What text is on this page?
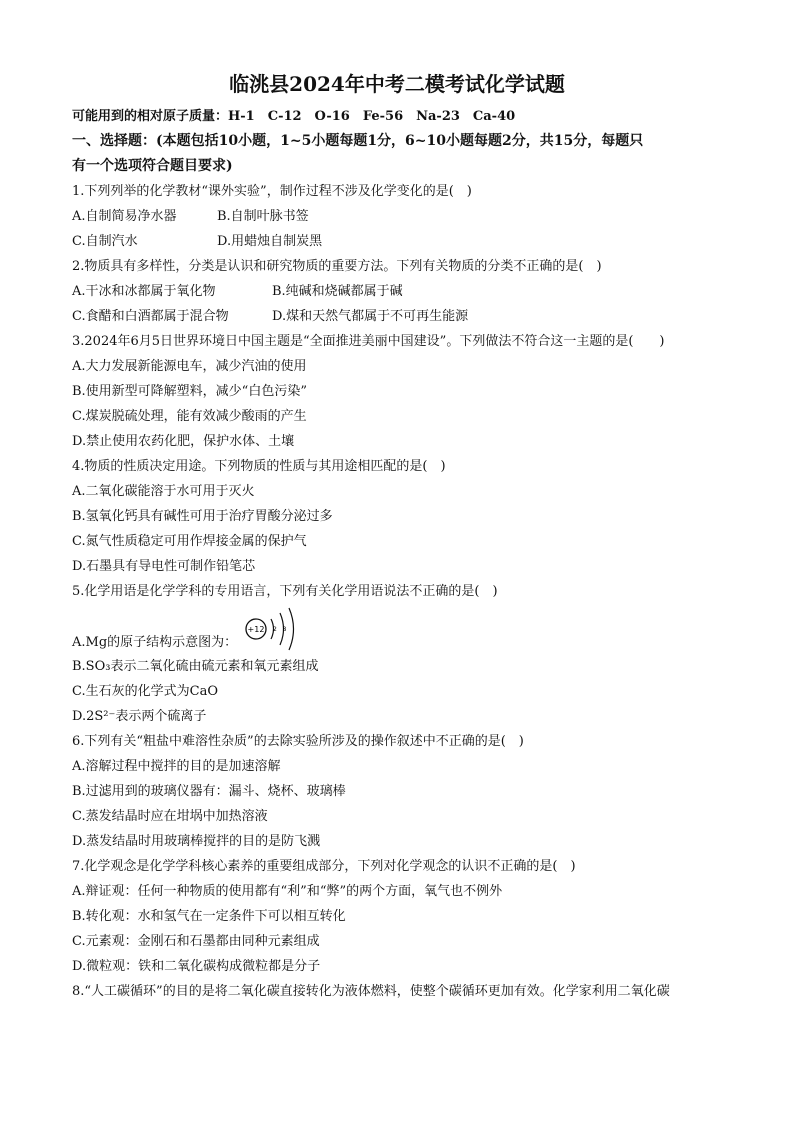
临洮县2024年中考二模考试化学试题
可能用到的相对原子质量：H-1　C-12　O-16　Fe-56　Na-23　Ca-40
一、选择题：(本题包括10小题，1~5小题每题1分，6~10小题每题2分，共15分，每题只
有一个选项符合题目要求)
1.下列列举的化学教材“课外实验”，制作过程不涉及化学变化的是(　)
A.自制简易净水器	B.自制叶脉书签
C.自制汽水	D.用蜡烛自制炭黑
2.物质具有多样性，分类是认识和研究物质的重要方法。下列有关物质的分类不正确的是(　)
A.干冰和冰都属于氧化物	B.纯碱和烧碱都属于碱
C.食醋和白酒都属于混合物	D.煤和天然气都属于不可再生能源
3.2024年6月5日世界环境日中国主题是“全面推进美丽中国建设”。下列做法不符合这一主题的是(　　)
A.大力发展新能源电车，减少汽油的使用
B.使用新型可降解塑料，减少“白色污染”
C.煤炭脱硫处理，能有效减少酸雨的产生
D.禁止使用农药化肥，保护水体、土壤
4.物质的性质决定用途。下列物质的性质与其用途相匹配的是(　)
A.二氧化碳能溶于水可用于灭火
B.氢氧化钙具有碱性可用于治疗胃酸分泌过多
C.氮气性质稳定可用作焊接金属的保护气
D.石墨具有导电性可制作铅笔芯
5.化学用语是化学学科的专用语言，下列有关化学用语说法不正确的是(　)
A.Mg的原子结构示意图为：
+12 2 8
B.SO₃表示二氧化硫由硫元素和氧元素组成
C.生石灰的化学式为CaO
D.2S²⁻表示两个硫离子
6.下列有关“粗盐中难溶性杂质”的去除实验所涉及的操作叙述中不正确的是(　)
A.溶解过程中搅拌的目的是加速溶解
B.过滤用到的玻璃仪器有：漏斗、烧杯、玻璃棒
C.蒸发结晶时应在坩埚中加热溶液
D.蒸发结晶时用玻璃棒搅拌的目的是防飞溅
7.化学观念是化学学科核心素养的重要组成部分，下列对化学观念的认识不正确的是(　)
A.辩证观：任何一种物质的使用都有“利”和“弊”的两个方面，氧气也不例外
B.转化观：水和氢气在一定条件下可以相互转化
C.元素观：金刚石和石墨都由同种元素组成
D.微粒观：铁和二氧化碳构成微粒都是分子
8.“人工碳循环”的目的是将二氧化碳直接转化为液体燃料，使整个碳循环更加有效。化学家利用二氧化碳
